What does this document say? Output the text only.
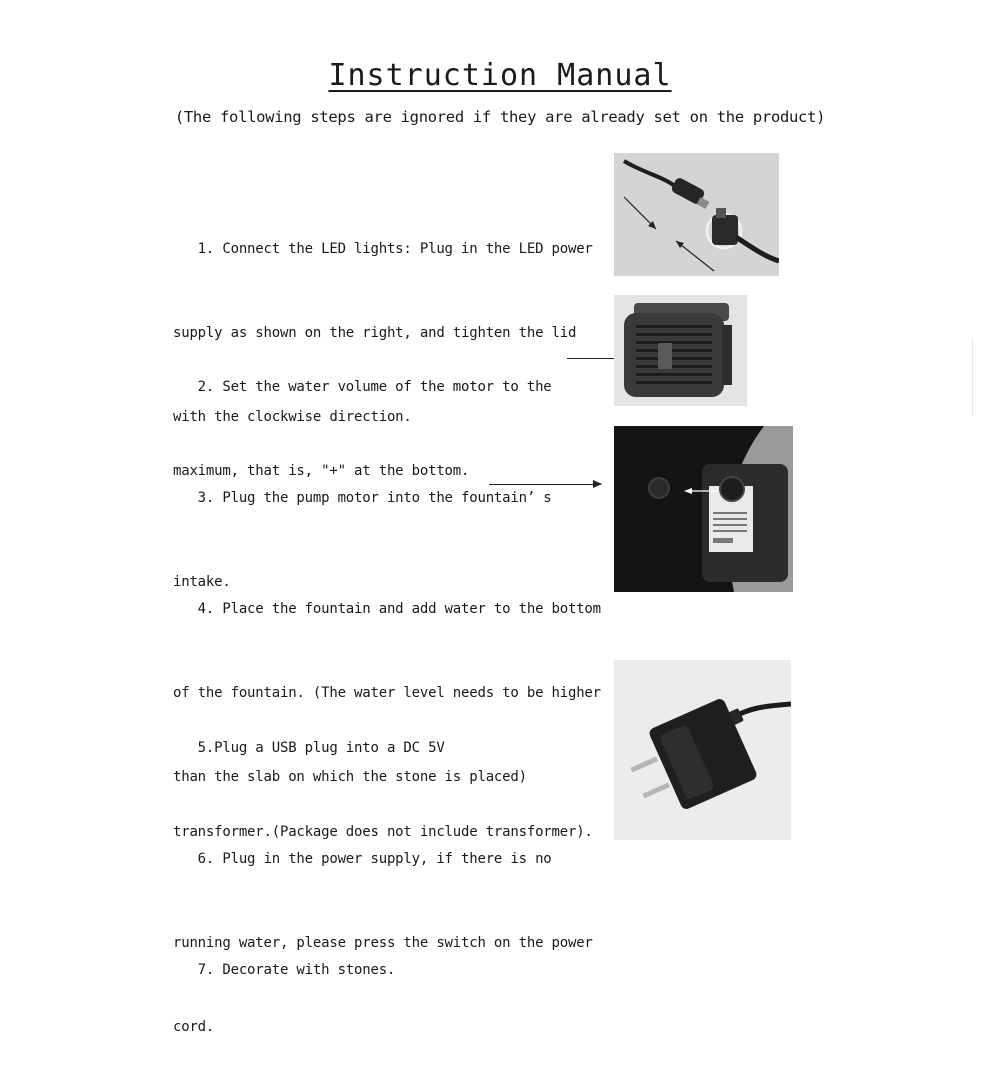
Instruction Manual
(The following steps are ignored if they are already set on the product)

1. Connect the LED lights: Plug in the LED power

supply as shown on the right, and tighten the lid

with the clockwise direction.

2. Set the water volume of the motor to the

maximum, that is, "+" at the bottom.

3. Plug the pump motor into the fountain’ s

intake.

4. Place the fountain and add water to the bottom

of the fountain. (The water level needs to be higher

than the slab on which the stone is placed)

5.Plug a USB plug into a DC 5V

transformer.(Package does not include transformer).

6. Plug in the power supply, if there is no

running water, please press the switch on the power

cord.

7. Decorate with stones.
